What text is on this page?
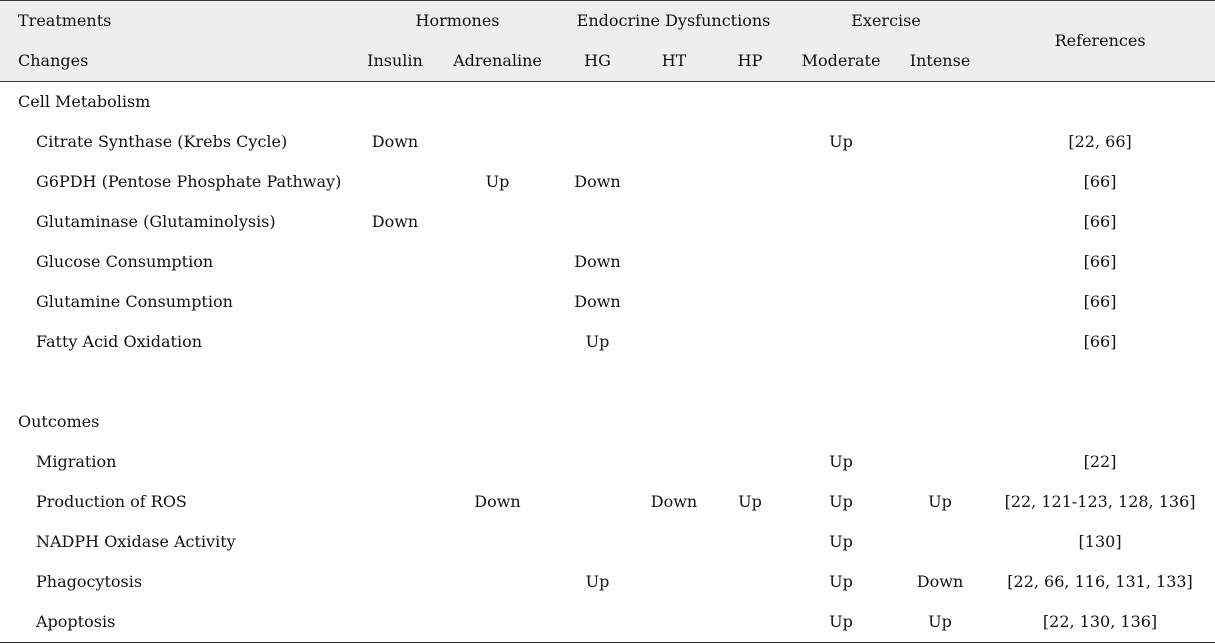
Treatments	Hormones		Endocrine Dysfunctions			Exercise		References
Changes	Insulin	Adrenaline	HG	HT	HP	Moderate	Intense	
Cell Metabolism								
Citrate Synthase (Krebs Cycle)	Down					Up		[22, 66]
G6PDH (Pentose Phosphate Pathway)		Up	Down					[66]
Glutaminase (Glutaminolysis)	Down							[66]
Glucose Consumption			Down					[66]
Glutamine Consumption			Down					[66]
Fatty Acid Oxidation			Up					[66]

Outcomes								
Migration						Up		[22]
Production of ROS		Down		Down	Up	Up	Up	[22, 121-123, 128, 136]
NADPH Oxidase Activity						Up		[130]
Phagocytosis			Up			Up	Down	[22, 66, 116, 131, 133]
Apoptosis						Up	Up	[22, 130, 136]
